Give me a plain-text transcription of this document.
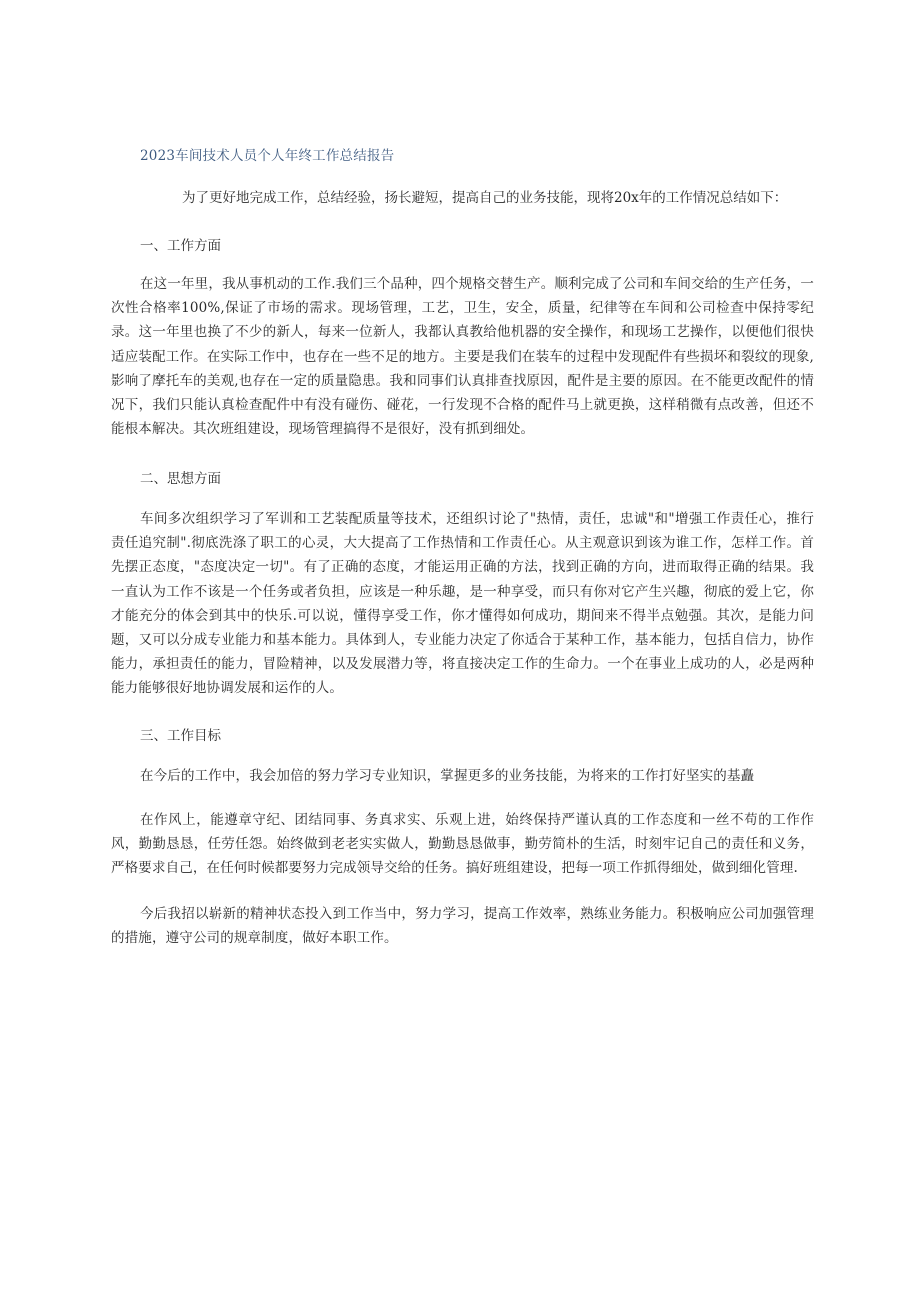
2023车间技术人员个人年终工作总结报告
为了更好地完成工作，总结经验，扬长避短，提高自己的业务技能，现将20x年的工作情况总结如下：
一、工作方面

在这一年里，我从事机动的工作.我们三个品种，四个规格交替生产。顺利完成了公司和车间交给的生产任务，一次性合格率100%,保证了市场的需求。现场管理，工艺，卫生，安全，质量，纪律等在车间和公司检查中保持零纪录。这一年里也换了不少的新人，每来一位新人，我都认真教给他机器的安全操作，和现场工艺操作，以便他们很快适应装配工作。在实际工作中，也存在一些不足的地方。主要是我们在装车的过程中发现配件有些损坏和裂纹的现象,影响了摩托车的美观,也存在一定的质量隐患。我和同事们认真排查找原因，配件是主要的原因。在不能更改配件的情况下，我们只能认真检查配件中有没有碰伤、碰花，一行发现不合格的配件马上就更换，这样稍微有点改善，但还不能根本解决。其次班组建设，现场管理搞得不是很好，没有抓到细处。

二、思想方面

车间多次组织学习了军训和工艺装配质量等技术，还组织讨论了"热情，责任，忠诚"和"增强工作责任心，推行责任追究制".彻底洗涤了职工的心灵，大大提高了工作热情和工作责任心。从主观意识到该为谁工作，怎样工作。首先摆正态度，"态度决定一切"。有了正确的态度，才能运用正确的方法，找到正确的方向，进而取得正确的结果。我一直认为工作不该是一个任务或者负担，应该是一种乐趣，是一种享受，而只有你对它产生兴趣，彻底的爱上它，你才能充分的体会到其中的快乐.可以说，懂得享受工作，你才懂得如何成功，期间来不得半点勉强。其次，是能力问题，又可以分成专业能力和基本能力。具体到人，专业能力决定了你适合于某种工作，基本能力，包括自信力，协作能力，承担责任的能力，冒险精神，以及发展潜力等，将直接决定工作的生命力。一个在事业上成功的人，必是两种能力能够很好地协调发展和运作的人。

三、工作目标

在今后的工作中，我会加倍的努力学习专业知识，掌握更多的业务技能，为将来的工作打好坚实的基矗

在作风上，能遵章守纪、团结同事、务真求实、乐观上进，始终保持严谨认真的工作态度和一丝不苟的工作作风，勤勤恳恳，任劳任怨。始终做到老老实实做人，勤勤恳恳做事，勤劳简朴的生活，时刻牢记自己的责任和义务，严格要求自己，在任何时候都要努力完成领导交给的任务。搞好班组建设，把每一项工作抓得细处，做到细化管理.

今后我招以崭新的精神状态投入到工作当中，努力学习，提高工作效率，熟练业务能力。积极响应公司加强管理的措施，遵守公司的规章制度，做好本职工作。
